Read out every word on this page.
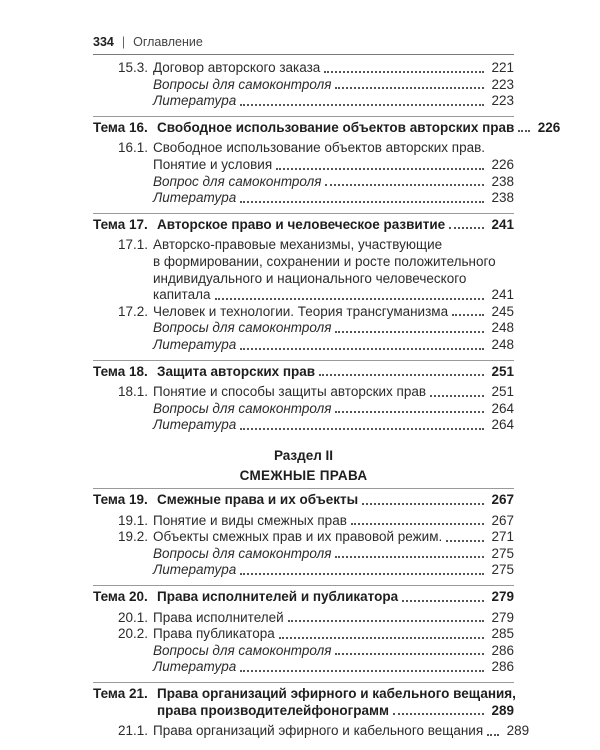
334 | Оглавление
15.3. Договор авторского заказа	221
Вопросы для самоконтроля	223
Литература	223
Тема 16. Свободное использование объектов авторских прав 226
16.1. Свободное использование объектов авторских прав.
Понятие и условия	226
Вопрос для самоконтроля	238
Литература	238
Тема 17. Авторское право и человеческое развитие	241
17.1. Авторско-правовые механизмы, участвующие
в формировании, сохранении и росте положительного
индивидуального и национального человеческого
капитала	241
17.2. Человек и технологии. Теория трансгуманизма	245
Вопросы для самоконтроля	248
Литература	248
Тема 18. Защита авторских прав	251
18.1. Понятие и способы защиты авторских прав	251
Вопросы для самоконтроля	264
Литература	264
Раздел II
СМЕЖНЫЕ ПРАВА
Тема 19. Смежные права и их объекты	267
19.1. Понятие и виды смежных прав	267
19.2. Объекты смежных прав и их правовой режим.	271
Вопросы для самоконтроля	275
Литература	275
Тема 20. Права исполнителей и публикатора	279
20.1. Права исполнителей	279
20.2. Права публикатора	285
Вопросы для самоконтроля	286
Литература	286
Тема 21. Права организаций эфирного и кабельного вещания,
права производителейфонограмм	289
21.1. Права организаций эфирного и кабельного вещания 289
